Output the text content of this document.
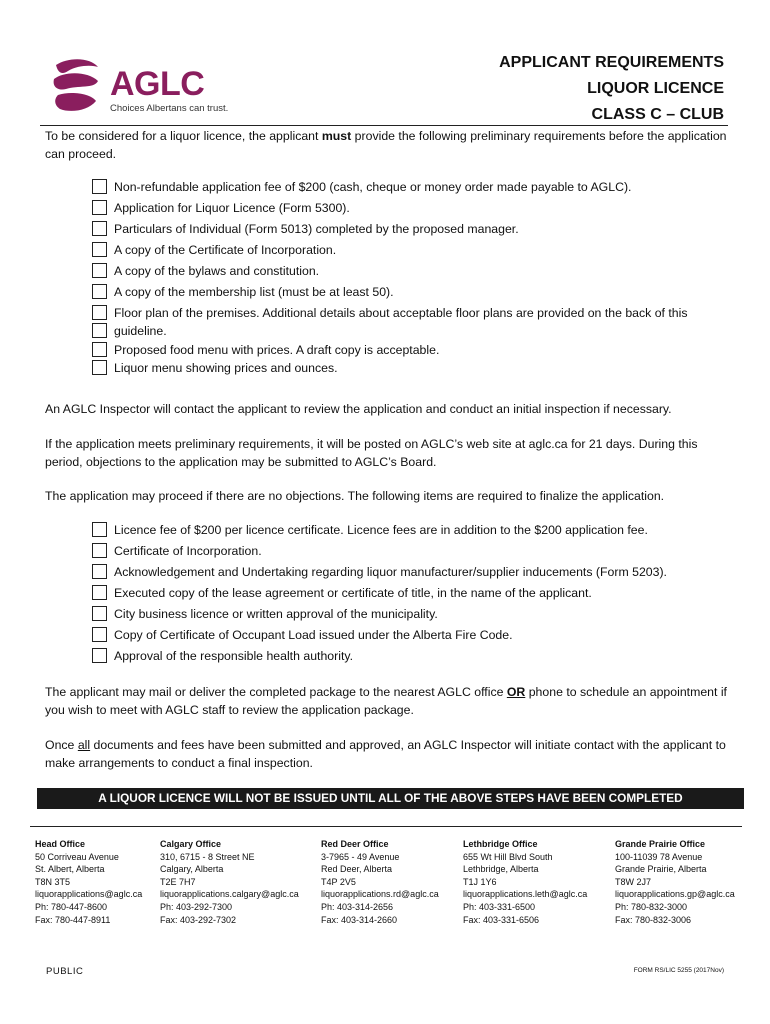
AGLC
Choices Albertans can trust.
APPLICANT REQUIREMENTS
LIQUOR LICENCE
CLASS C – CLUB
To be considered for a liquor licence, the applicant must provide the following preliminary requirements before the application can proceed.
Non-refundable application fee of $200 (cash, cheque or money order made payable to AGLC).
Application for Liquor Licence (Form 5300).
Particulars of Individual (Form 5013) completed by the proposed manager.
A copy of the Certificate of Incorporation.
A copy of the bylaws and constitution.
A copy of the membership list (must be at least 50).
Floor plan of the premises. Additional details about acceptable floor plans are provided on the back of this guideline.
Proposed food menu with prices. A draft copy is acceptable.
Liquor menu showing prices and ounces.
An AGLC Inspector will contact the applicant to review the application and conduct an initial inspection if necessary.
If the application meets preliminary requirements, it will be posted on AGLC’s web site at aglc.ca for 21 days. During this period, objections to the application may be submitted to AGLC’s Board.
The application may proceed if there are no objections. The following items are required to finalize the application.
Licence fee of $200 per licence certificate. Licence fees are in addition to the $200 application fee.
Certificate of Incorporation.
Acknowledgement and Undertaking regarding liquor manufacturer/supplier inducements (Form 5203).
Executed copy of the lease agreement or certificate of title, in the name of the applicant.
City business licence or written approval of the municipality.
Copy of Certificate of Occupant Load issued under the Alberta Fire Code.
Approval of the responsible health authority.
The applicant may mail or deliver the completed package to the nearest AGLC office OR phone to schedule an appointment if you wish to meet with AGLC staff to review the application package.
Once all documents and fees have been submitted and approved, an AGLC Inspector will initiate contact with the applicant to make arrangements to conduct a final inspection.
A LIQUOR LICENCE WILL NOT BE ISSUED UNTIL ALL OF THE ABOVE STEPS HAVE BEEN COMPLETED
Head Office
50 Corriveau Avenue
St. Albert, Alberta
T8N 3T5
liquorapplications@aglc.ca
Ph: 780-447-8600
Fax: 780-447-8911
Calgary Office
310, 6715 - 8 Street NE
Calgary, Alberta
T2E 7H7
liquorapplications.calgary@aglc.ca
Ph: 403-292-7300
Fax: 403-292-7302
Red Deer Office
3-7965 - 49 Avenue
Red Deer, Alberta
T4P 2V5
liquorapplications.rd@aglc.ca
Ph: 403-314-2656
Fax: 403-314-2660
Lethbridge Office
655 Wt Hill Blvd South
Lethbridge, Alberta
T1J 1Y6
liquorapplications.leth@aglc.ca
Ph: 403-331-6500
Fax: 403-331-6506
Grande Prairie Office
100-11039 78 Avenue
Grande Prairie, Alberta
T8W 2J7
liquorapplications.gp@aglc.ca
Ph: 780-832-3000
Fax: 780-832-3006
PUBLIC	FORM RS/LIC 5255 (2017Nov)
